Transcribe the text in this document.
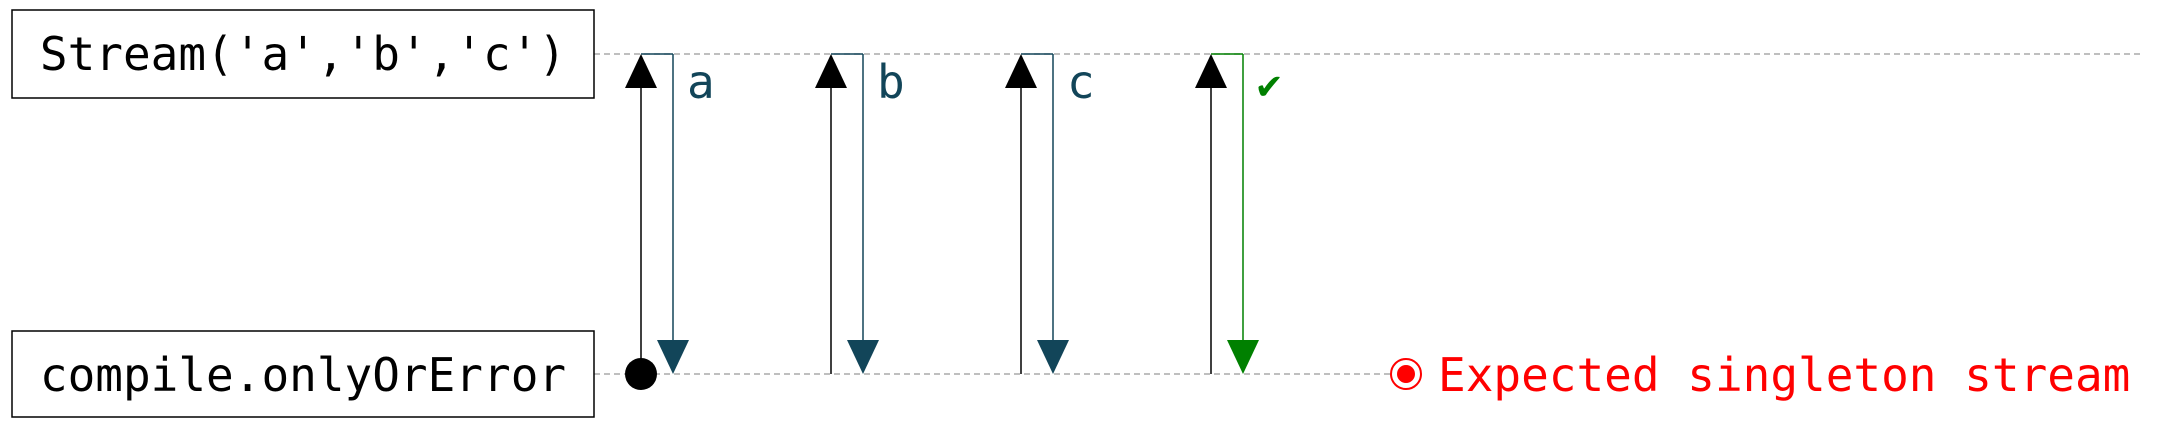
Stream('a','b','c')
compile.onlyOrError
a	b	c	✔
Expected singleton stream
